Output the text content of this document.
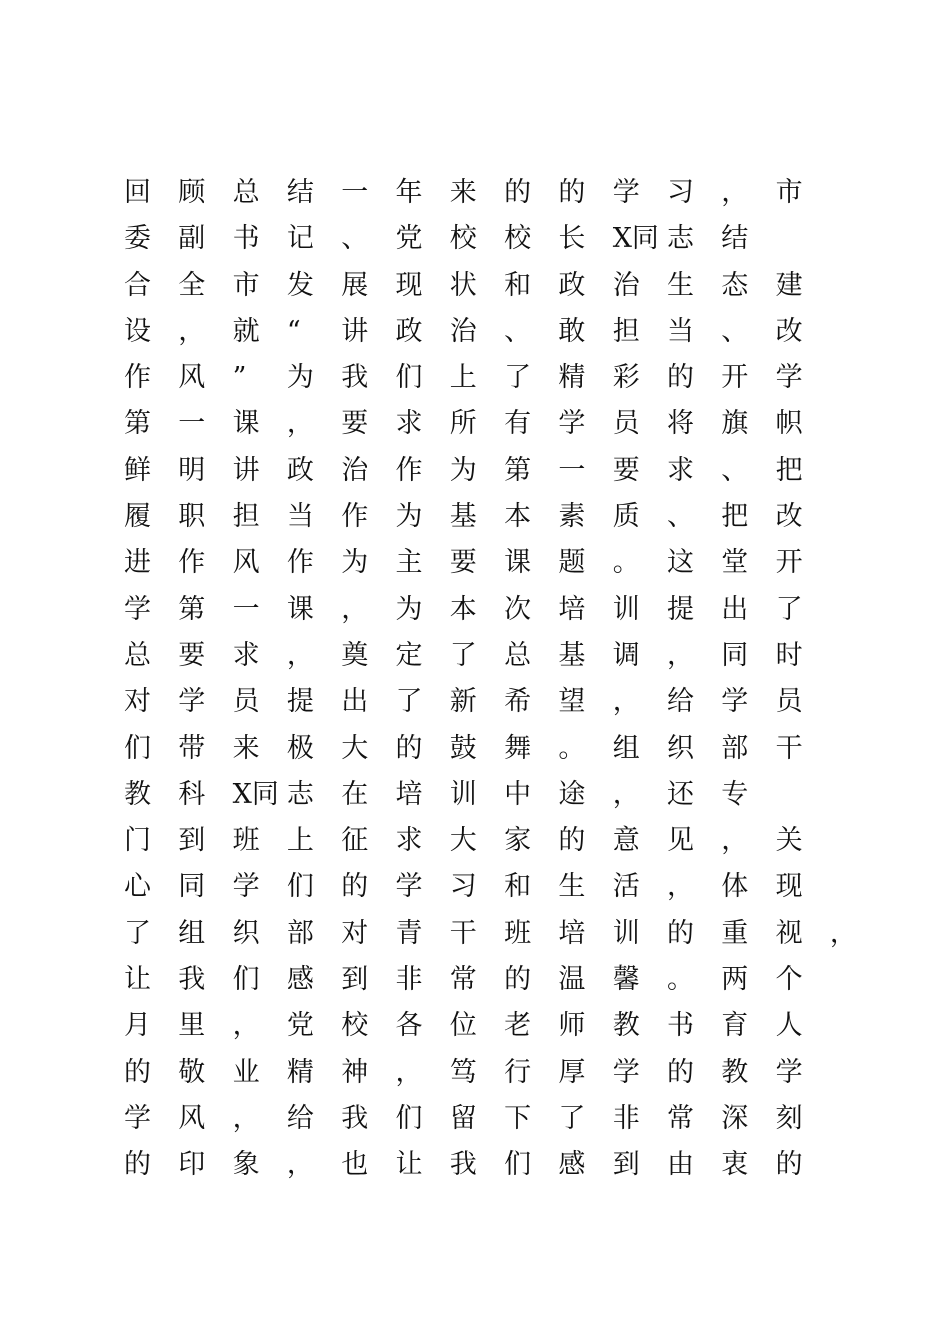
回 顾 总 结 一 年 来 的 的 学 习 ， 市
委 副 书 记 、 党 校 校 长 X同 志 结
合 全 市 发 展 现 状 和 政 治 生 态 建
设 ， 就 “ 讲 政 治 、 敢 担 当 、 改
作 风 ” 为 我 们 上 了 精 彩 的 开 学
第 一 课 ， 要 求 所 有 学 员 将 旗 帜
鲜 明 讲 政 治 作 为 第 一 要 求 、 把
履 职 担 当 作 为 基 本 素 质 、 把 改
进 作 风 作 为 主 要 课 题 。 这 堂 开
学 第 一 课 ， 为 本 次 培 训 提 出 了
总 要 求 ， 奠 定 了 总 基 调 ， 同 时
对 学 员 提 出 了 新 希 望 ， 给 学 员
们 带 来 极 大 的 鼓 舞 。 组 织 部 干
教 科 X同 志 在 培 训 中 途 ， 还 专
门 到 班 上 征 求 大 家 的 意 见 ， 关
心 同 学 们 的 学 习 和 生 活 ， 体 现
了 组 织 部 对 青 干 班 培 训 的 重 视 ，
让 我 们 感 到 非 常 的 温 馨 。 两 个
月 里 ， 党 校 各 位 老 师 教 书 育 人
的 敬 业 精 神 ， 笃 行 厚 学 的 教 学
学 风 ， 给 我 们 留 下 了 非 常 深 刻
的 印 象 ， 也 让 我 们 感 到 由 衷 的
